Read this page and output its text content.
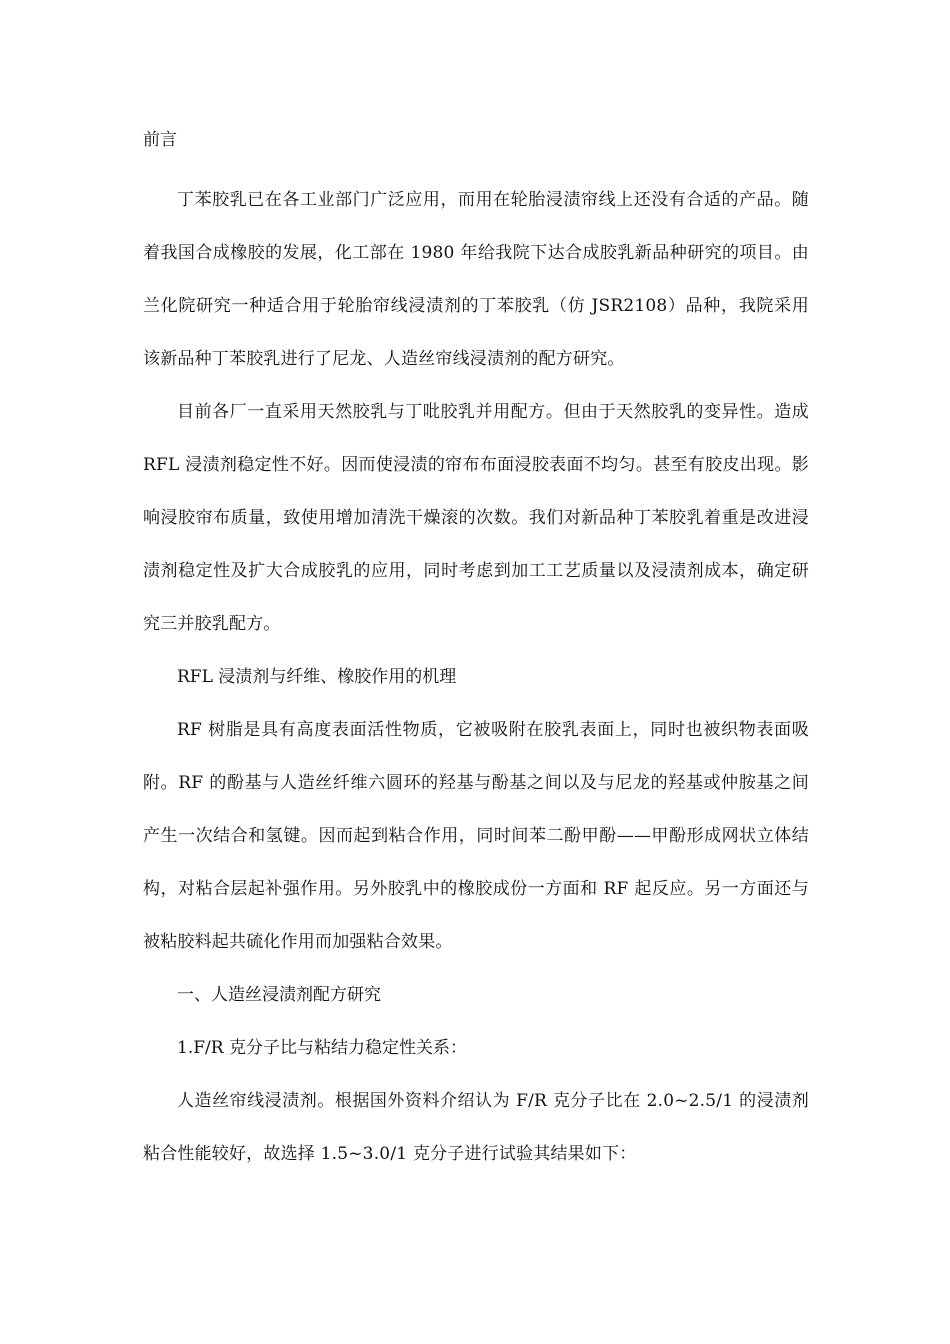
前言

丁苯胶乳已在各工业部门广泛应用，而用在轮胎浸渍帘线上还没有合适的产品。随着我国合成橡胶的发展，化工部在 1980 年给我院下达合成胶乳新品种研究的项目。由兰化院研究一种适合用于轮胎帘线浸渍剂的丁苯胶乳（仿 JSR2108）品种，我院采用该新品种丁苯胶乳进行了尼龙、人造丝帘线浸渍剂的配方研究。

目前各厂一直采用天然胶乳与丁吡胶乳并用配方。但由于天然胶乳的变异性。造成 RFL 浸渍剂稳定性不好。因而使浸渍的帘布布面浸胶表面不均匀。甚至有胶皮出现。影响浸胶帘布质量，致使用增加清洗干燥滚的次数。我们对新品种丁苯胶乳着重是改进浸渍剂稳定性及扩大合成胶乳的应用，同时考虑到加工工艺质量以及浸渍剂成本，确定研究三并胶乳配方。

RFL 浸渍剂与纤维、橡胶作用的机理

RF 树脂是具有高度表面活性物质，它被吸附在胶乳表面上，同时也被织物表面吸附。RF 的酚基与人造丝纤维六圆环的羟基与酚基之间以及与尼龙的羟基或仲胺基之间产生一次结合和氢键。因而起到粘合作用，同时间苯二酚甲酚——甲酚形成网状立体结构，对粘合层起补强作用。另外胶乳中的橡胶成份一方面和 RF 起反应。另一方面还与被粘胶料起共硫化作用而加强粘合效果。

一、人造丝浸渍剂配方研究

1.F/R 克分子比与粘结力稳定性关系：

人造丝帘线浸渍剂。根据国外资料介绍认为 F/R 克分子比在 2.0~2.5/1 的浸渍剂粘合性能较好，故选择 1.5~3.0/1 克分子进行试验其结果如下：
